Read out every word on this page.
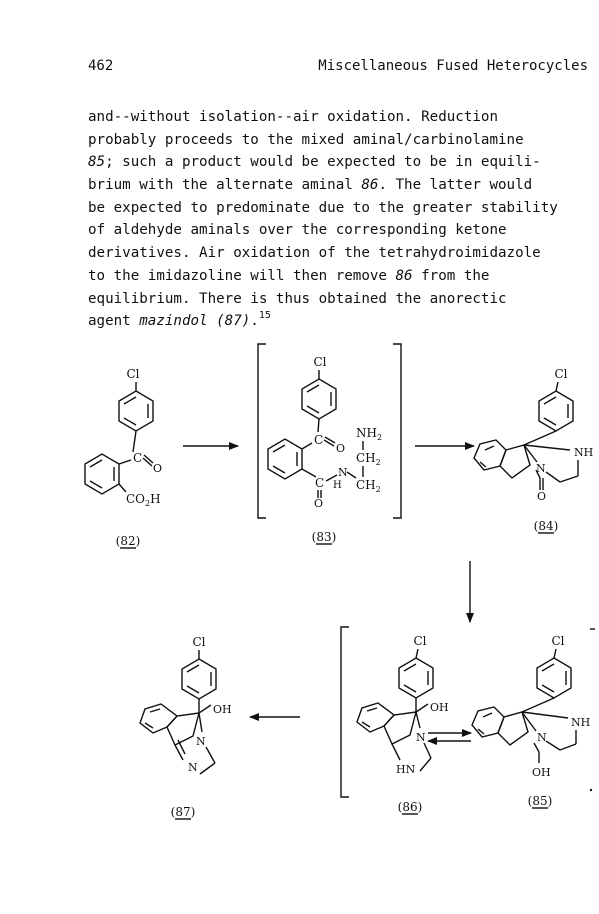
462	Miscellaneous Fused Heterocycles
and--without isolation--air oxidation. Reduction
probably proceeds to the mixed aminal/carbinolamine
85; such a product would be expected to be in equili-
brium with the alternate aminal 86. The latter would
be expected to predominate due to the greater stability
of aldehyde aminals over the corresponding ketone
derivatives. Air oxidation of the tetrahydroimidazole
to the imidazoline will then remove 86 from the
equilibrium. There is thus obtained the anorectic
agent mazindol (87).$^{15}$
Cl
C
O
$CO_2H$
(82)
Cl
C
O
C
O
N
H $CH_2$
$CH_2$
$NH_2$
(83)
Cl
NH
N
O
(84)
Cl
NH
N
OH
(85)
Cl
OH
N
HN
(86)
Cl
OH
N
N
(87)
